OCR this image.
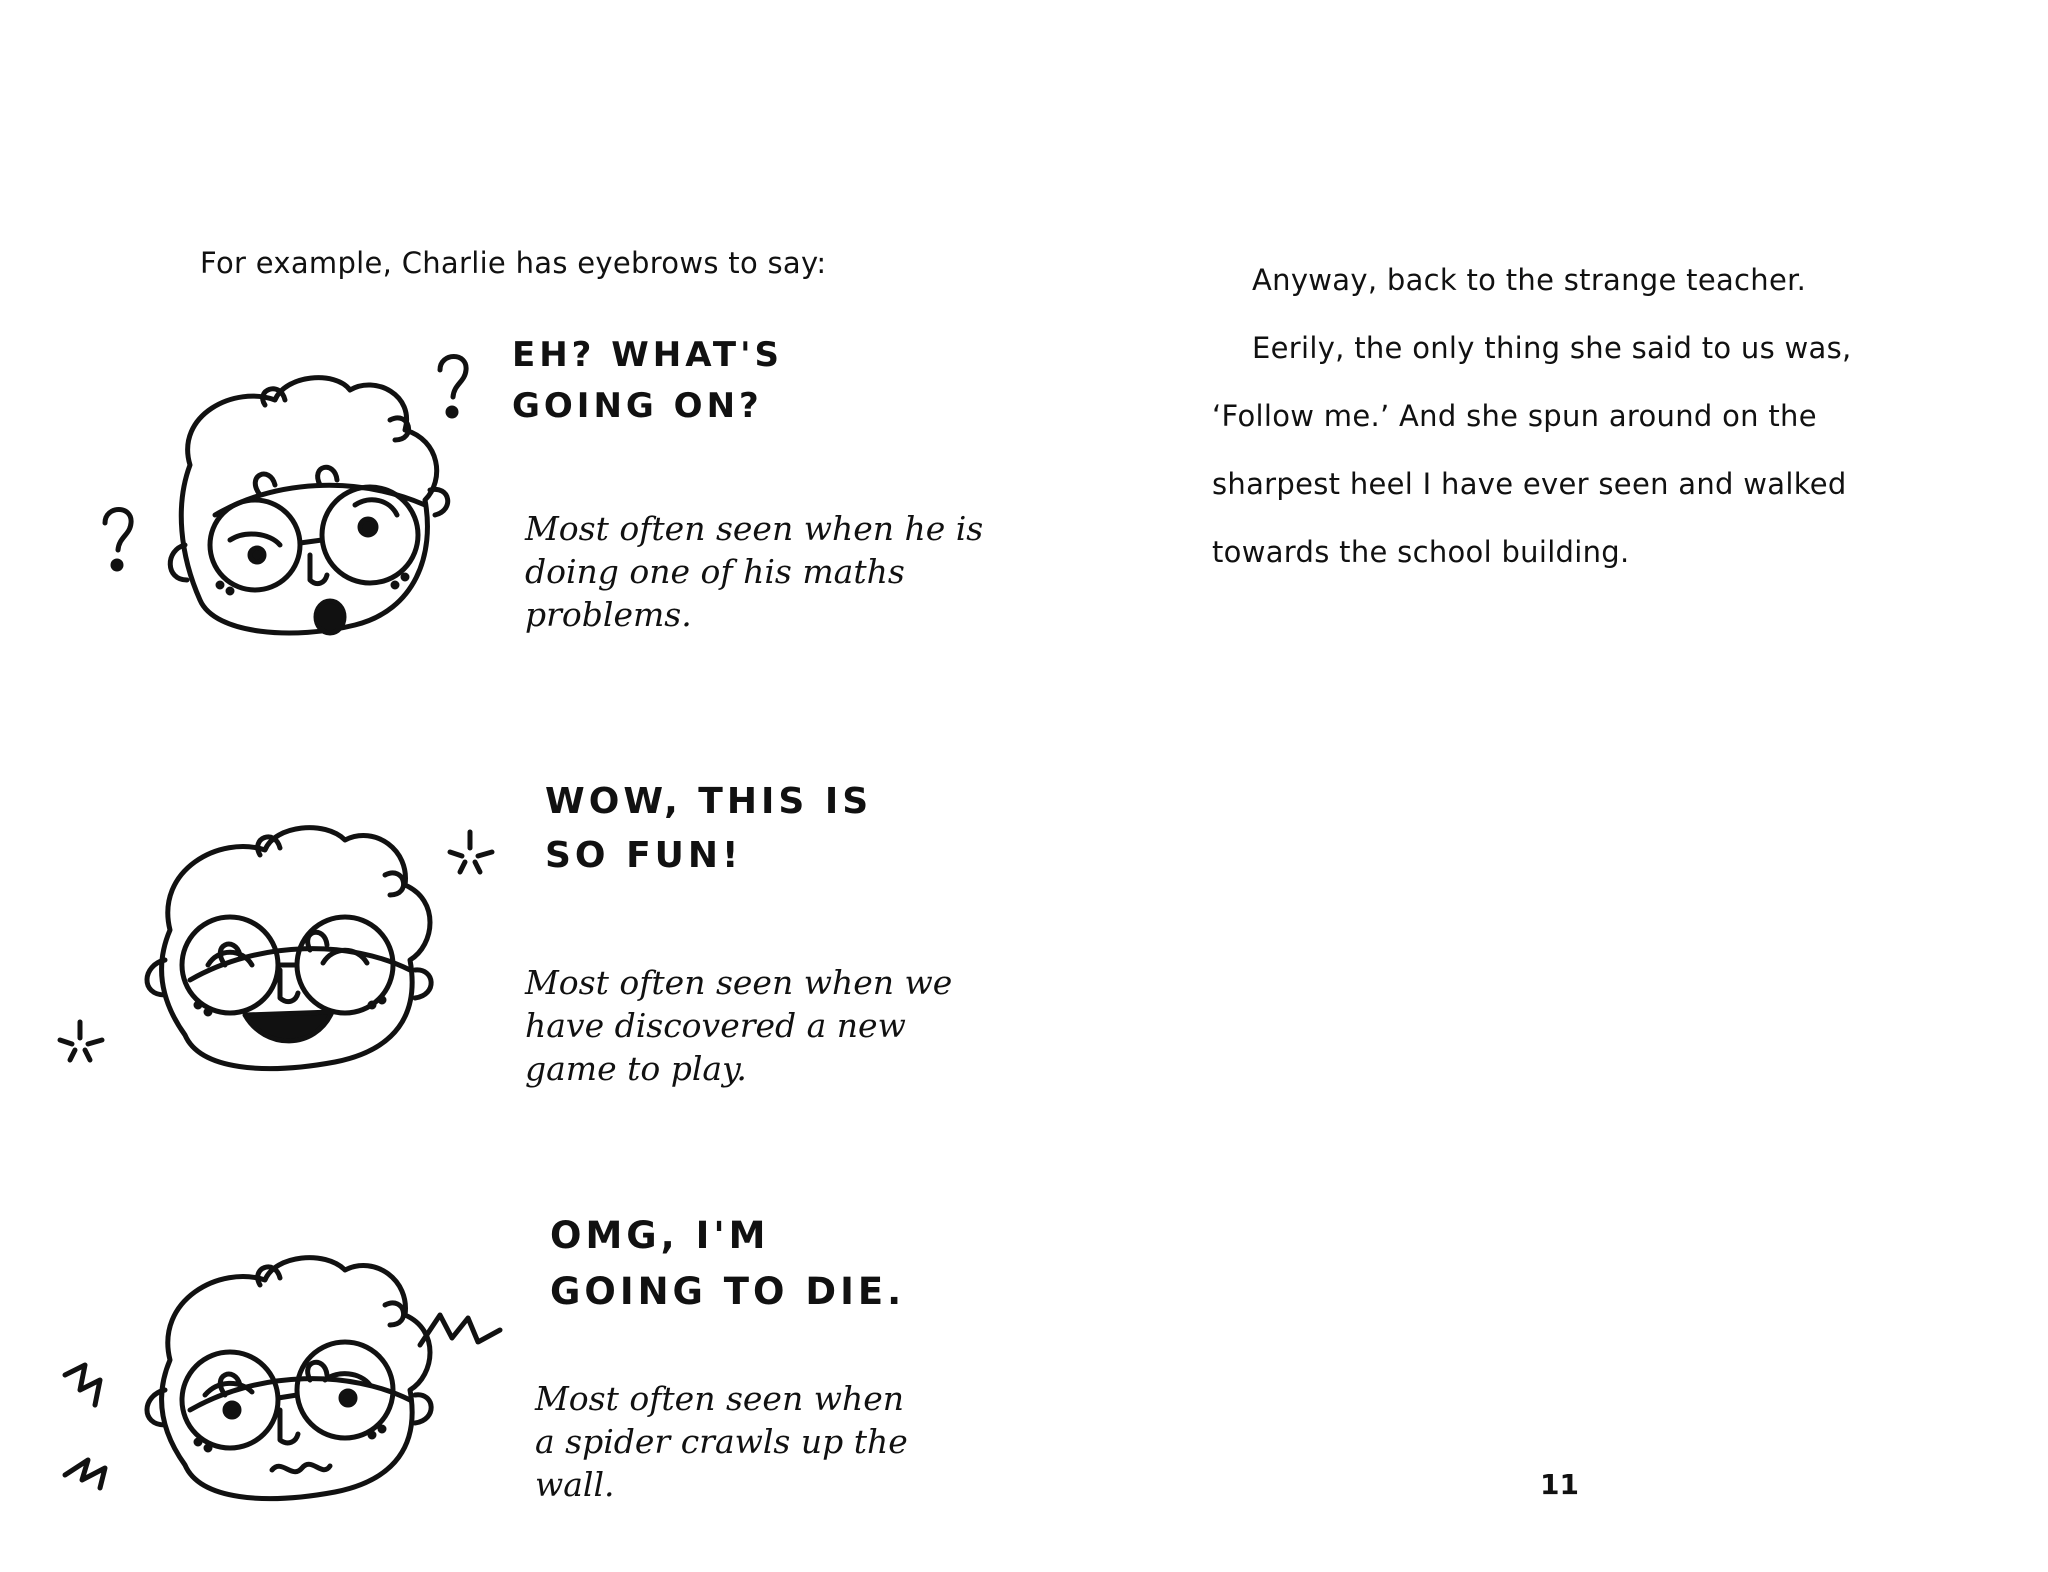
For example, Charlie has eyebrows to say:
EH? WHAT'S
GOING ON?
Most often seen when he is
doing one of his maths
problems.
WOW, THIS IS
SO FUN!
Most often seen when we
have discovered a new
game to play.
OMG, I'M
GOING TO DIE.
Most often seen when
a spider crawls up the
wall.

Anyway, back to the strange teacher.

Eerily, the only thing she said to us was,
‘Follow me.’ And she spun around on the
sharpest heel I have ever seen and walked
towards the school building.

11
